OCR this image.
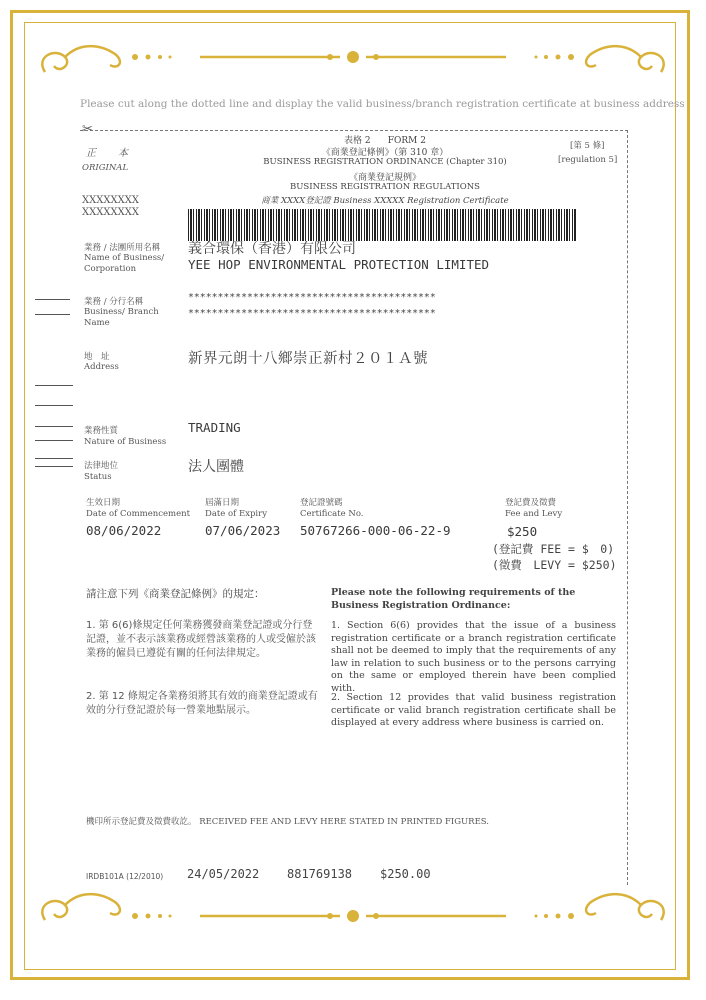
Please cut along the dotted line and display the valid business/branch registration certificate at business address
✂
正　本
ORIGINAL
XXXXXXXX
XXXXXXXX
表格 2 FORM 2
《商業登記條例》（第 310 章）
BUSINESS REGISTRATION ORDINANCE (Chapter 310)
《商業登記規例》
BUSINESS REGISTRATION REGULATIONS
商業 XXXX登記證 Business XXXXX Registration Certificate
[第 5 條]
[regulation 5]
業務 / 法團所用名稱
Name of Business/ Corporation
義合環保（香港）有限公司
YEE HOP ENVIRONMENTAL PROTECTION LIMITED
業務 / 分行名稱
Business/ Branch Name
******************************************
******************************************
地　址
Address	新界元朗十八鄉崇正新村２０１Ａ號
業務性質
Nature of Business
TRADING
法律地位
Status
法人團體
生效日期
Date of Commencement
08/06/2022
屆滿日期
Date of Expiry
07/06/2023
登記證號碼
Certificate No.
50767266-000-06-22-9
登記費及徵費
Fee and Levy
$250
(登記費 FEE = $　0)
(徵費　LEVY = $250)
請注意下列《商業登記條例》的規定：	Please note the following requirements of the Business Registration Ordinance:
1. 第 6(6)條規定任何業務獲發商業登記證或分行登記證，並不表示該業務或經營該業務的人或受僱於該業務的僱員已遵從有關的任何法律規定。
2. 第 12 條規定各業務須將其有效的商業登記證或有效的分行登記證於每一營業地點展示。
1. Section 6(6) provides that the issue of a business registration certificate or a branch registration certificate shall not be deemed to imply that the requirements of any law in relation to such business or to the persons carrying on the same or employed therein have been complied with.
2. Section 12 provides that valid business registration certificate or valid branch registration certificate shall be displayed at every address where business is carried on.
機印所示登記費及徵費收訖。 RECEIVED FEE AND LEVY HERE STATED IN PRINTED FIGURES.
IRDB101A (12/2010) 24/05/2022 881769138 $250.00
